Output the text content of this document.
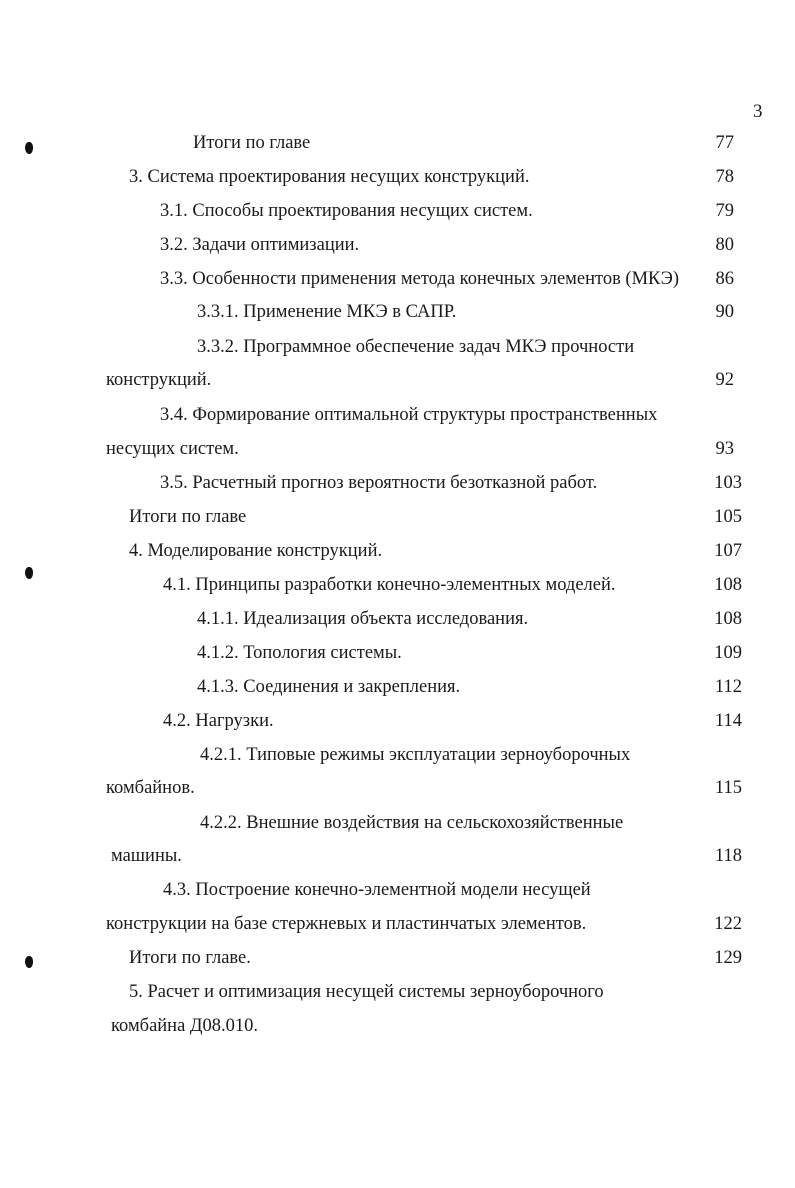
3
Итоги по главе	77
3. Система проектирования несущих конструкций.	78
3.1. Способы проектирования несущих систем.	79
3.2. Задачи оптимизации.	80
3.3. Особенности применения метода конечных элементов (МКЭ)	86
3.3.1. Применение МКЭ в САПР.	90
3.3.2. Программное обеспечение задач МКЭ прочности
конструкций.	92
3.4. Формирование оптимальной структуры пространственных
несущих систем.	93
3.5. Расчетный прогноз вероятности безотказной работ.	103
Итоги по главе	105
4. Моделирование конструкций.	107
4.1. Принципы разработки конечно-элементных моделей.	108
4.1.1. Идеализация объекта исследования.	108
4.1.2. Топология системы.	109
4.1.3. Соединения и закрепления.	112
4.2. Нагрузки.	114
4.2.1. Типовые режимы эксплуатации зерноуборочных
комбайнов.	115
4.2.2. Внешние воздействия на сельскохозяйственные
машины.	118
4.3. Построение конечно-элементной модели несущей
конструкции на базе стержневых и пластинчатых элементов.	122
Итоги по главе.	129
5. Расчет и оптимизация несущей системы зерноуборочного
комбайна Д08.010.
